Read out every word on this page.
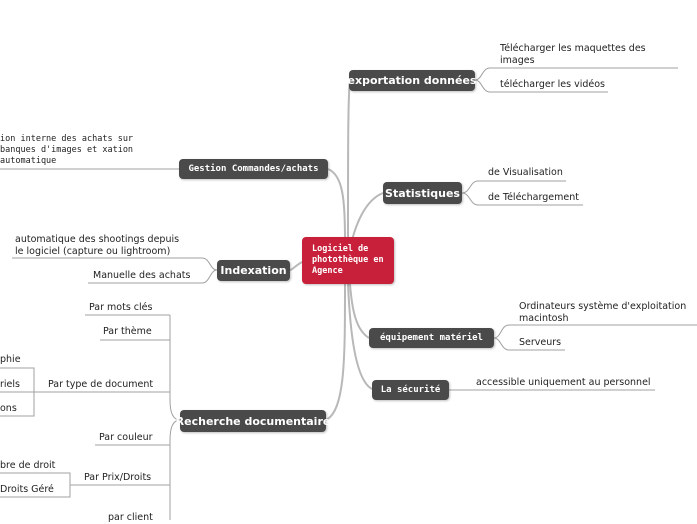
Logiciel de photothèque en Agence
exportation données
Gestion Commandes/achats
Statistiques
Indexation
équipement matériel
La sécurité
Recherche documentaire
Télécharger les maquettes des images
télécharger les vidéos
ion interne des achats sur banques d'images et xation automatique
de Visualisation
de Téléchargement
automatique des shootings depuis le logiciel (capture ou lightroom)
Manuelle des achats
Ordinateurs système d'exploitation macintosh
Serveurs
accessible uniquement au personnel
Par mots clés
Par thème
Par type de document
phie
riels
ons
Par couleur
Par Prix/Droits
bre de droit
Droits Géré
par client
